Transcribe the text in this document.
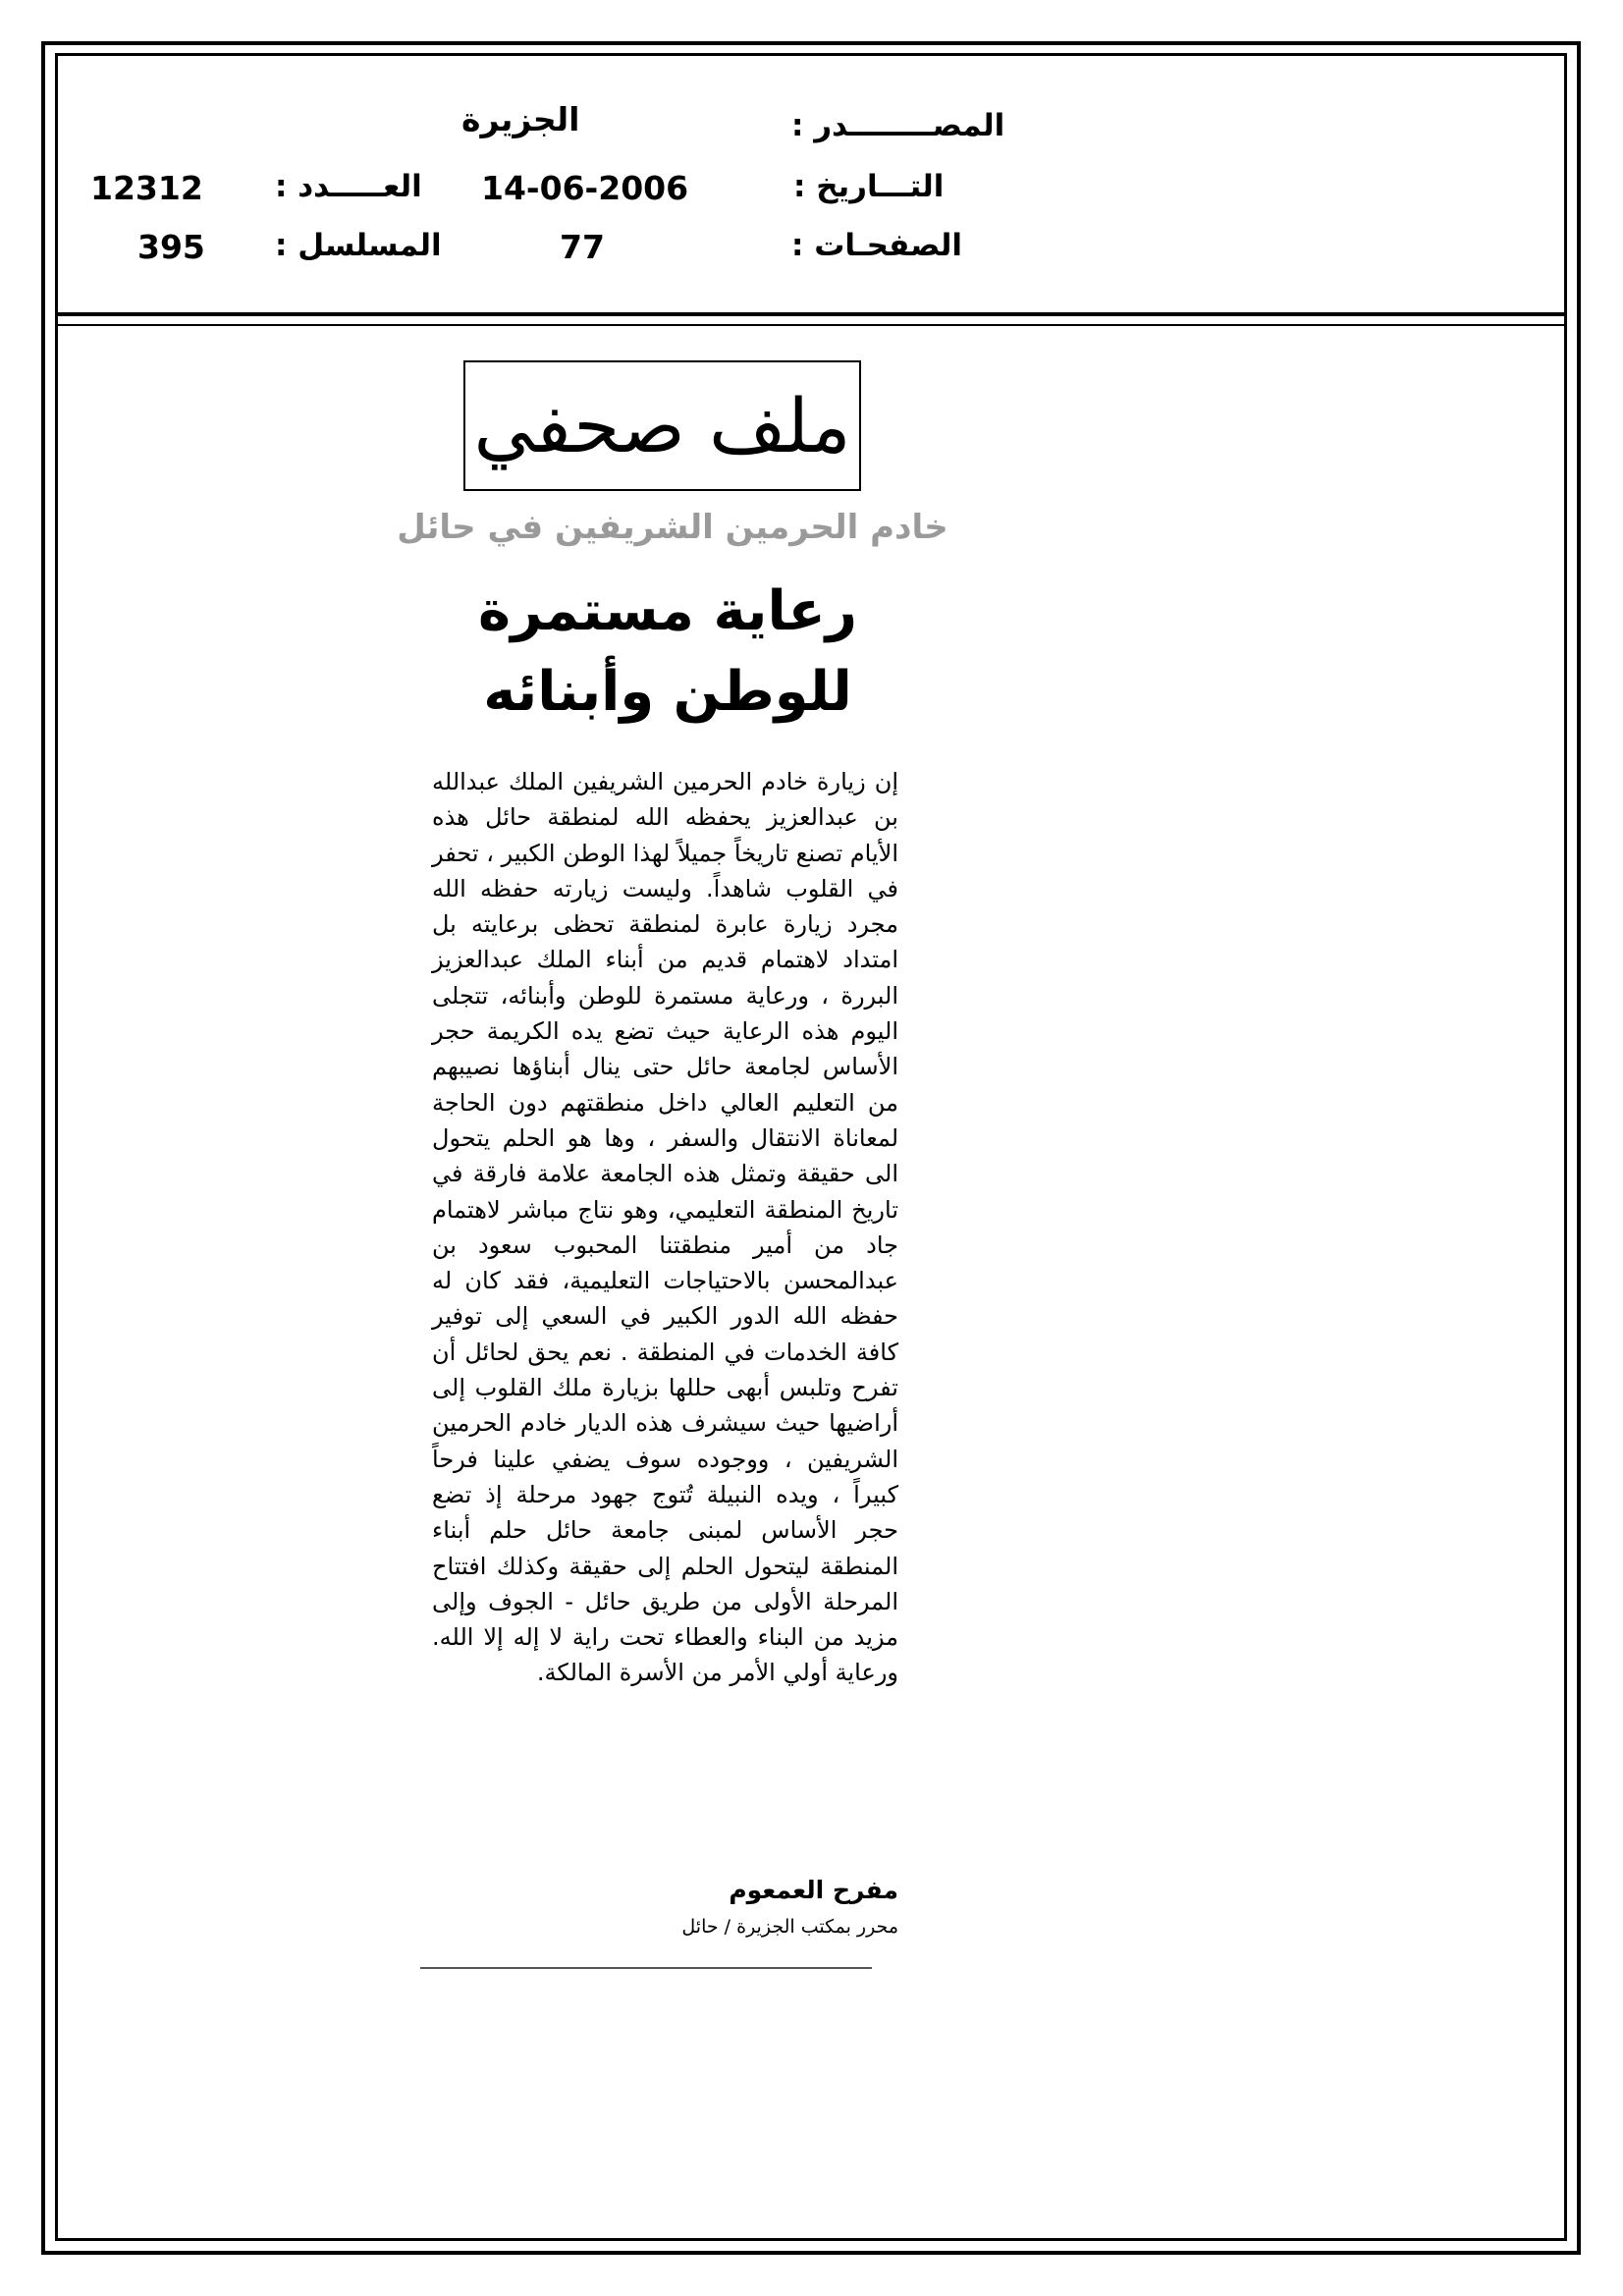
المصــــــــدر :
الجزيرة
التـــاريخ :
14-06-2006
الصفحـات :
77
العـــــدد :
12312
المسلسل :
395
ملف صحفي
خادم الحرمين الشريفين في حائل
رعاية مستمرة
للوطن وأبنائه
إن زيارة خادم الحرمين الشريفين الملك عبدالله بن عبدالعزيز يحفظه الله لمنطقة حائل هذه الأيام تصنع تاريخاً جميلاً لهذا الوطن الكبير ، تحفر في القلوب شاهداً. وليست زيارته حفظه الله مجرد زيارة عابرة لمنطقة تحظى برعايته بل امتداد لاهتمام قديم من أبناء الملك عبدالعزيز البررة ، ورعاية مستمرة للوطن وأبنائه، تتجلى اليوم هذه الرعاية حيث تضع يده الكريمة حجر الأساس لجامعة حائل حتى ينال أبناؤها نصيبهم من التعليم العالي داخل منطقتهم دون الحاجة لمعاناة الانتقال والسفر ، وها هو الحلم يتحول الى حقيقة وتمثل هذه الجامعة علامة فارقة في تاريخ المنطقة التعليمي، وهو نتاج مباشر لاهتمام جاد من أمير منطقتنا المحبوب سعود بن عبدالمحسن بالاحتياجات التعليمية، فقد كان له حفظه الله الدور الكبير في السعي إلى توفير كافة الخدمات في المنطقة . نعم يحق لحائل أن تفرح وتلبس أبهى حللها بزيارة ملك القلوب إلى أراضيها حيث سيشرف هذه الديار خادم الحرمين الشريفين ، ووجوده سوف يضفي علينا فرحاً كبيراً ، ويده النبيلة تُتوج جهود مرحلة إذ تضع حجر الأساس لمبنى جامعة حائل حلم أبناء المنطقة ليتحول الحلم إلى حقيقة وكذلك افتتاح المرحلة الأولى من طريق حائل - الجوف وإلى مزيد من البناء والعطاء تحت راية لا إله إلا الله. ورعاية أولي الأمر من الأسرة المالكة.
مفرح العمعوم
محرر بمكتب الجزيرة / حائل
